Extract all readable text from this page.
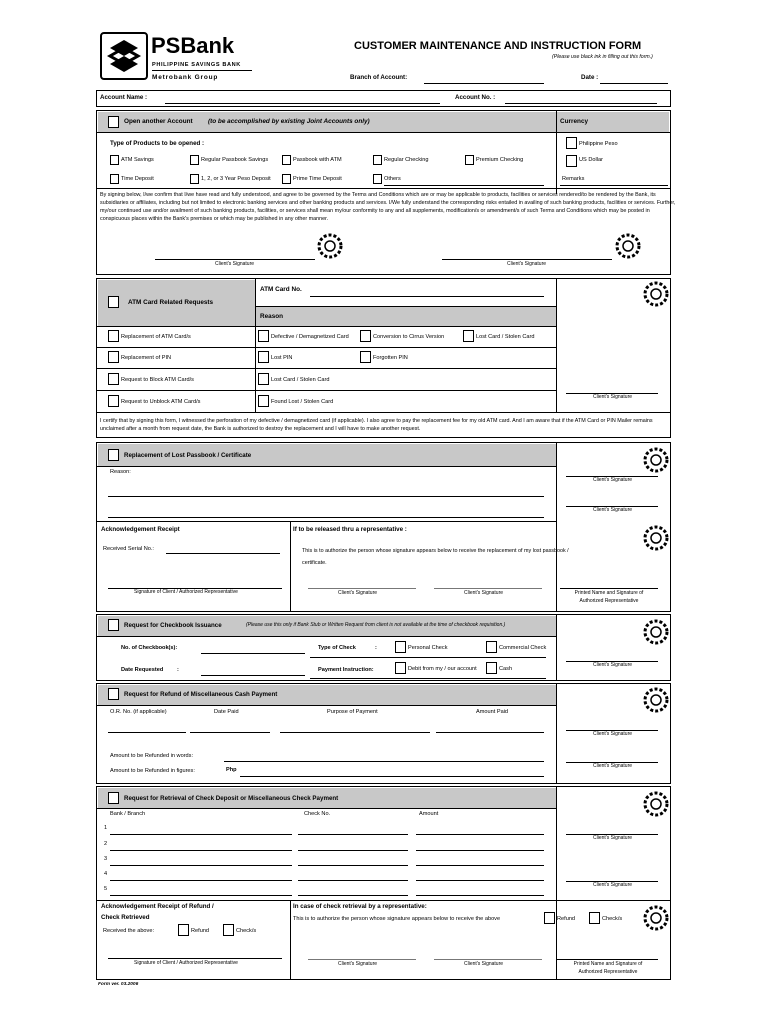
PSBank
PHILIPPINE SAVINGS BANK
Metrobank Group
CUSTOMER MAINTENANCE AND INSTRUCTION FORM
(Please use black ink in filling out this form.)
Branch of Account:	Date :
Account Name :	Account No. :
Open another Account (to be accomplished by existing Joint Accounts only)	Currency
Type of Products to be opened :
ATM Savings	Regular Passbook Savings	Passbook with ATM	Regular Checking	Premium Checking
Time Deposit	1, 2, or 3 Year Peso Deposit	Prime Time Deposit	Others
Philippine Peso
US Dollar
Remarks
By signing below, I/we confirm that I/we have read and fully understood, and agree to be governed by the Terms and Conditions which are or may be applicable to products, facilities or services rendered/to be rendered by the Bank, its subsidiaries or affiliates, including but not limited to electronic banking services and other banking products and services. I/We fully understand the corresponding risks entailed in availing of such banking products, facilities or services. Further, my/our continued use and/or availment of such banking products, facilities, or services shall mean my/our conformity to any and all supplements, modification/s or amendment/s of such Terms and Conditions which may be posted in conspicuous places within the Bank's premises or which may be published in any other manner.
Client's Signature	Client's Signature
ATM Card Related Requests
ATM Card No.
Reason
Replacement of ATM Card/s
Replacement of PIN
Request to Block ATM Card/s
Request to Unblock ATM Card/s
Defective / Demagnetized Card	Conversion to Cirrus Version	Lost Card / Stolen Card
Lost PIN	Forgotten PIN
Lost Card / Stolen Card
Found Lost / Stolen Card
Client's Signature
I certify that by signing this form, I witnessed the perforation of my defective / demagnetized card (if applicable). I also agree to pay the replacement fee for my old ATM card. And I am aware that if the ATM Card or PIN Mailer remains unclaimed after a month from request date, the Bank is authorized to destroy the replacement and I will have to make another request.
Replacement of Lost Passbook / Certificate
Reason:
Client's Signature
Client's Signature
Acknowledgement Receipt
Received Serial No.:
Signature of Client / Authorized Representative
If to be released thru a representative :
This is to authorize the person whose signature appears below to receive the replacement of my lost passbook / certificate.
Client's Signature	Client's Signature	Printed Name and Signature of Authorized Representative
Request for Checkbook Issuance	(Please use this only if Bank Stub or Written Request from client is not available at the time of checkbook requisition.)
No. of Checkbook(s):
Date Requested :
Type of Check	:	Personal Check	Commercial Check
Payment Instruction:	Debit from my / our account	Cash
Client's Signature
Request for Refund of Miscellaneous Cash Payment
O.R. No. (if applicable)	Date Paid	Purpose of Payment	Amount Paid
Amount to be Refunded in words:
Amount to be Refunded in figures:	Php
Client's Signature
Client's Signature
Request for Retrieval of Check Deposit or Miscellaneous Check Payment
Bank / Branch	Check No.	Amount
1
2
3
4
5
Client's Signature
Client's Signature
Acknowledgement Receipt of Refund /
Check Retrieved
Received the above:	Refund	Check/s
Signature of Client / Authorized Representative
In case of check retrieval by a representative:
This is to authorize the person whose signature appears below to receive the above	Refund	Check/s
Client's Signature	Client's Signature	Printed Name and Signature of Authorized Representative
Form ver. 03.2006
